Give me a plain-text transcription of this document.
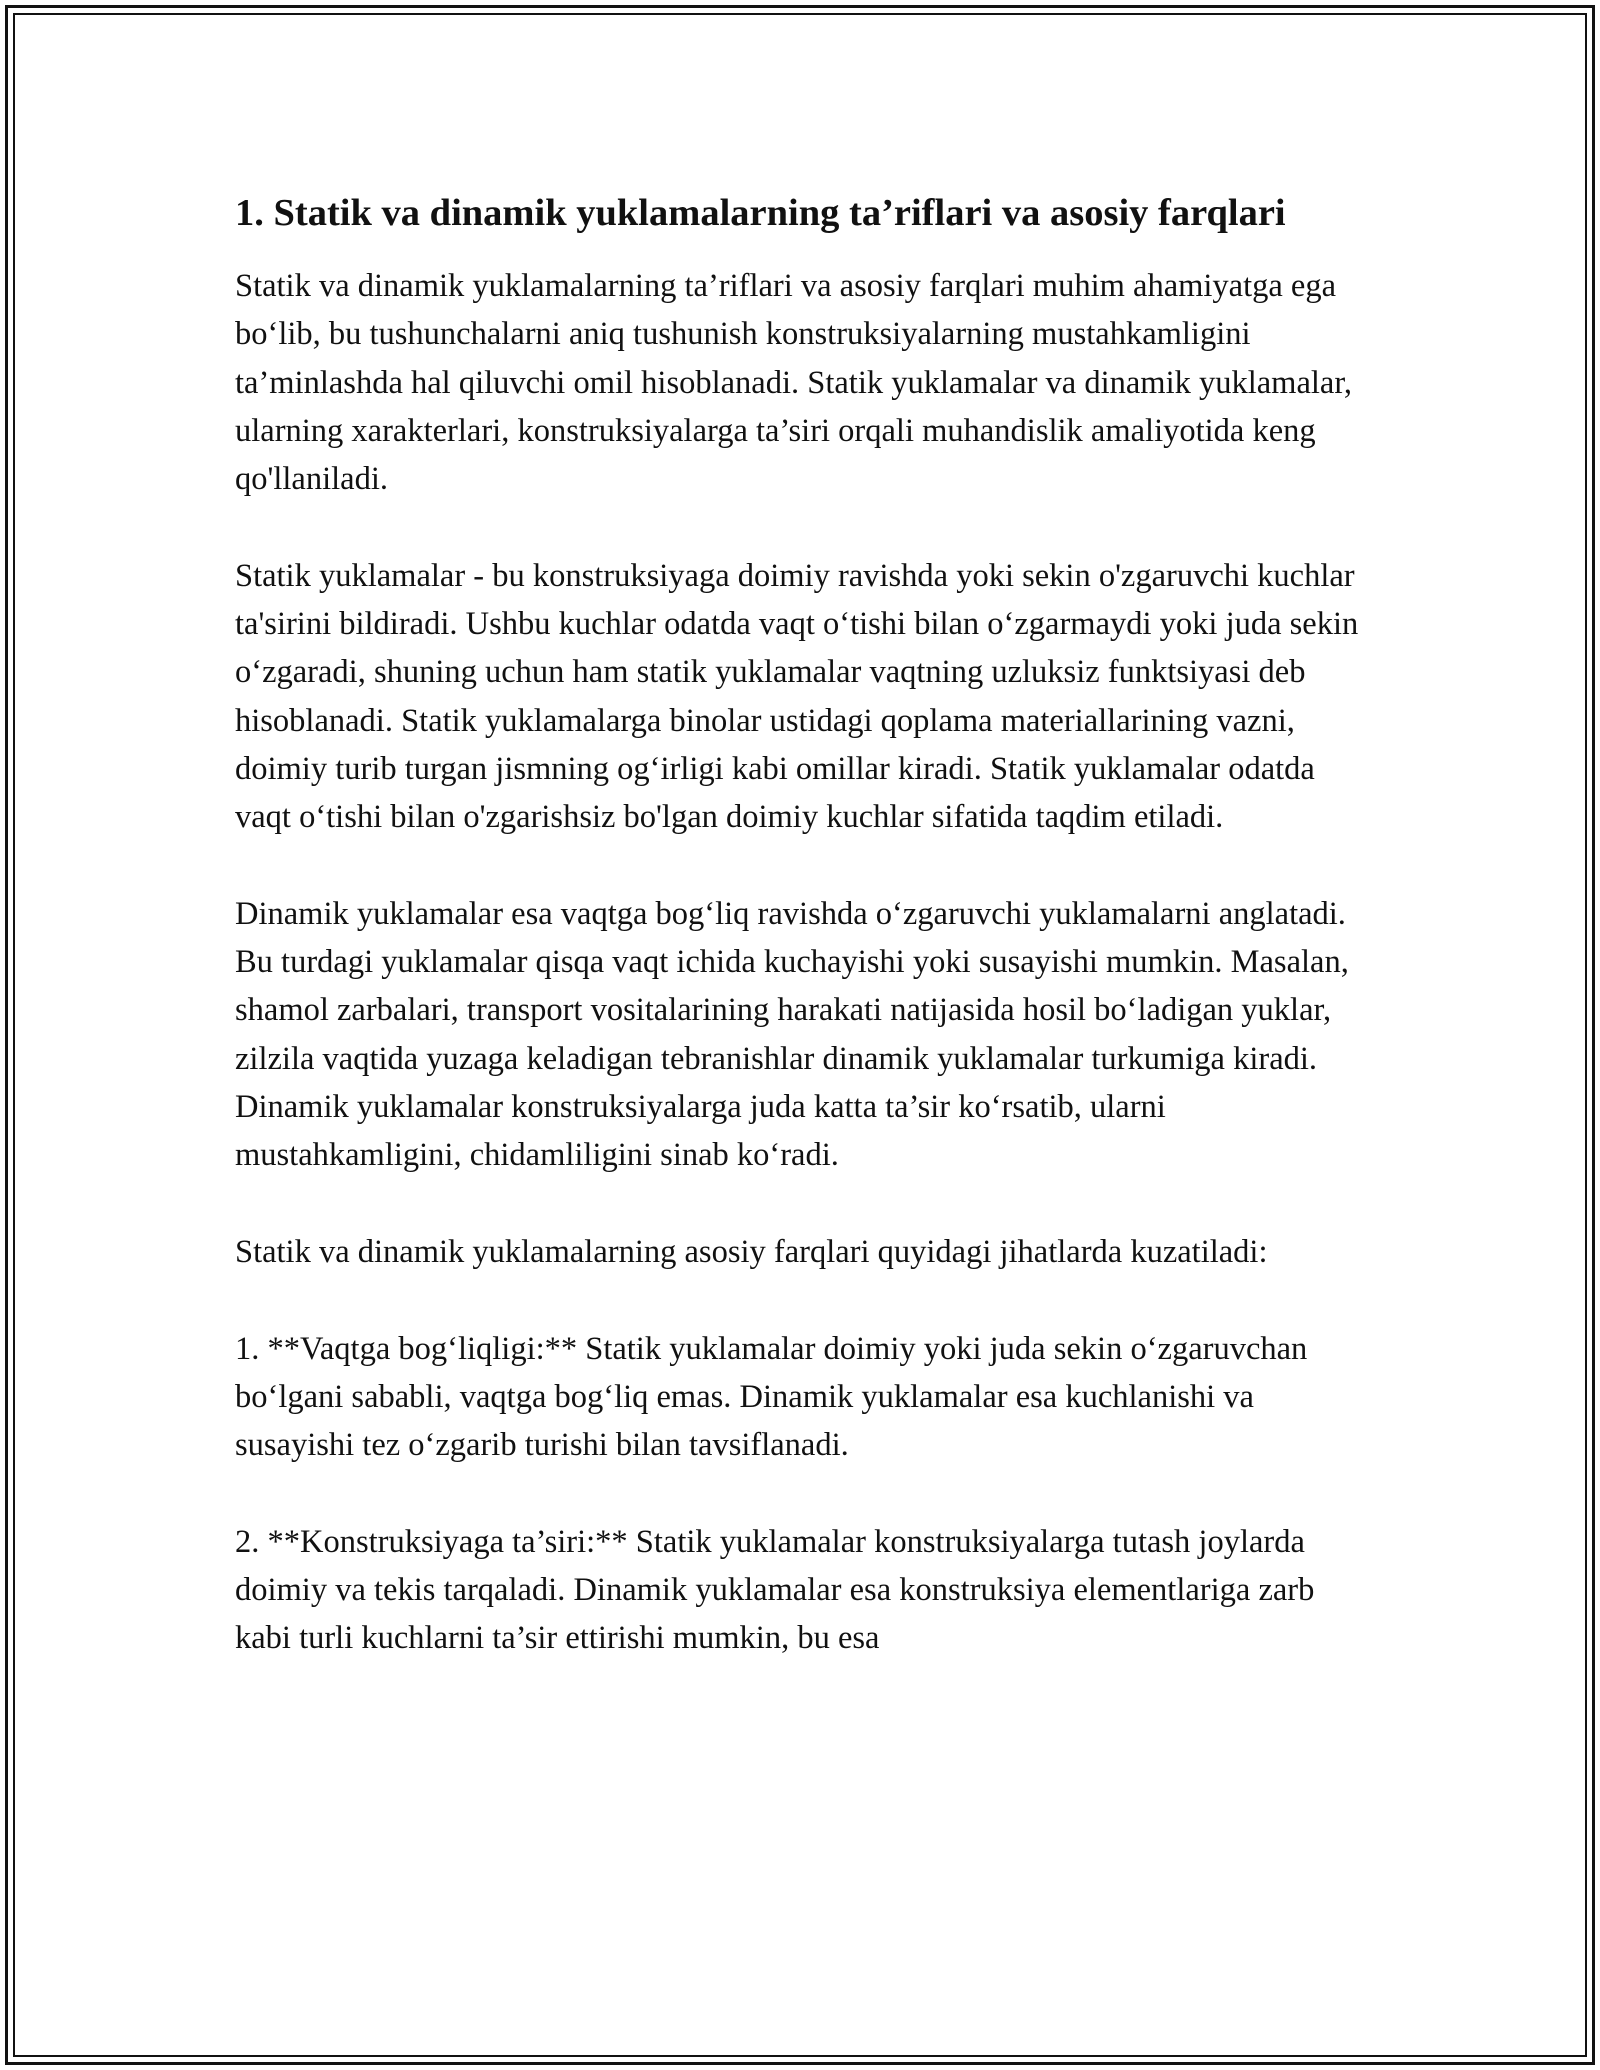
1. Statik va dinamik yuklamalarning ta’riflari va asosiy farqlari

Statik va dinamik yuklamalarning ta’riflari va asosiy farqlari muhim ahamiyatga ega bo‘lib, bu tushunchalarni aniq tushunish konstruksiyalarning mustahkamligini ta’minlashda hal qiluvchi omil hisoblanadi. Statik yuklamalar va dinamik yuklamalar, ularning xarakterlari, konstruksiyalarga ta’siri orqali muhandislik amaliyotida keng qo'llaniladi.

Statik yuklamalar - bu konstruksiyaga doimiy ravishda yoki sekin o'zgaruvchi kuchlar ta'sirini bildiradi. Ushbu kuchlar odatda vaqt o‘tishi bilan o‘zgarmaydi yoki juda sekin o‘zgaradi, shuning uchun ham statik yuklamalar vaqtning uzluksiz funktsiyasi deb hisoblanadi. Statik yuklamalarga binolar ustidagi qoplama materiallarining vazni, doimiy turib turgan jismning og‘irligi kabi omillar kiradi. Statik yuklamalar odatda vaqt o‘tishi bilan o'zgarishsiz bo'lgan doimiy kuchlar sifatida taqdim etiladi.

Dinamik yuklamalar esa vaqtga bog‘liq ravishda o‘zgaruvchi yuklamalarni anglatadi. Bu turdagi yuklamalar qisqa vaqt ichida kuchayishi yoki susayishi mumkin. Masalan, shamol zarbalari, transport vositalarining harakati natijasida hosil bo‘ladigan yuklar, zilzila vaqtida yuzaga keladigan tebranishlar dinamik yuklamalar turkumiga kiradi. Dinamik yuklamalar konstruksiyalarga juda katta ta’sir ko‘rsatib, ularni mustahkamligini, chidamliligini sinab ko‘radi.

Statik va dinamik yuklamalarning asosiy farqlari quyidagi jihatlarda kuzatiladi:

1. **Vaqtga bog‘liqligi:** Statik yuklamalar doimiy yoki juda sekin o‘zgaruvchan bo‘lgani sababli, vaqtga bog‘liq emas. Dinamik yuklamalar esa kuchlanishi va susayishi tez o‘zgarib turishi bilan tavsiflanadi.

2. **Konstruksiyaga ta’siri:** Statik yuklamalar konstruksiyalarga tutash joylarda doimiy va tekis tarqaladi. Dinamik yuklamalar esa konstruksiya elementlariga zarb kabi turli kuchlarni ta’sir ettirishi mumkin, bu esa
